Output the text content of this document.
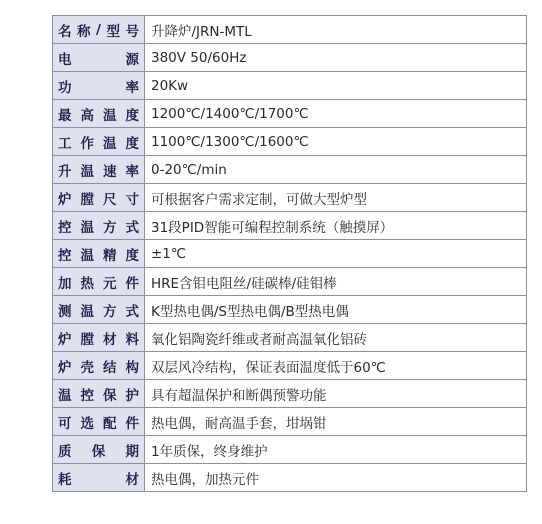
名 称 / 型 号	升降炉/JRN-MTL

电 源	380V 50/60Hz

功 率	20Kw

最 高 温 度	1200℃/1400℃/1700℃

工 作 温 度	1100℃/1300℃/1600℃

升 温 速 率	0-20℃/min

炉 膛 尺 寸	可根据客户需求定制，可做大型炉型

控 温 方 式	31段PID智能可编程控制系统（触摸屏）

控 温 精 度	±1℃

加 热 元 件	HRE含钼电阻丝/硅碳棒/硅钼棒

测 温 方 式	K型热电偶/S型热电偶/B型热电偶

炉 膛 材 料	氧化铝陶瓷纤维或者耐高温氧化铝砖

炉 壳 结 构	双层风冷结构，保证表面温度低于60℃

温 控 保 护	具有超温保护和断偶预警功能

可 选 配 件	热电偶，耐高温手套，坩埚钳

质 保 期	1年质保，终身维护

耗 材	热电偶，加热元件
